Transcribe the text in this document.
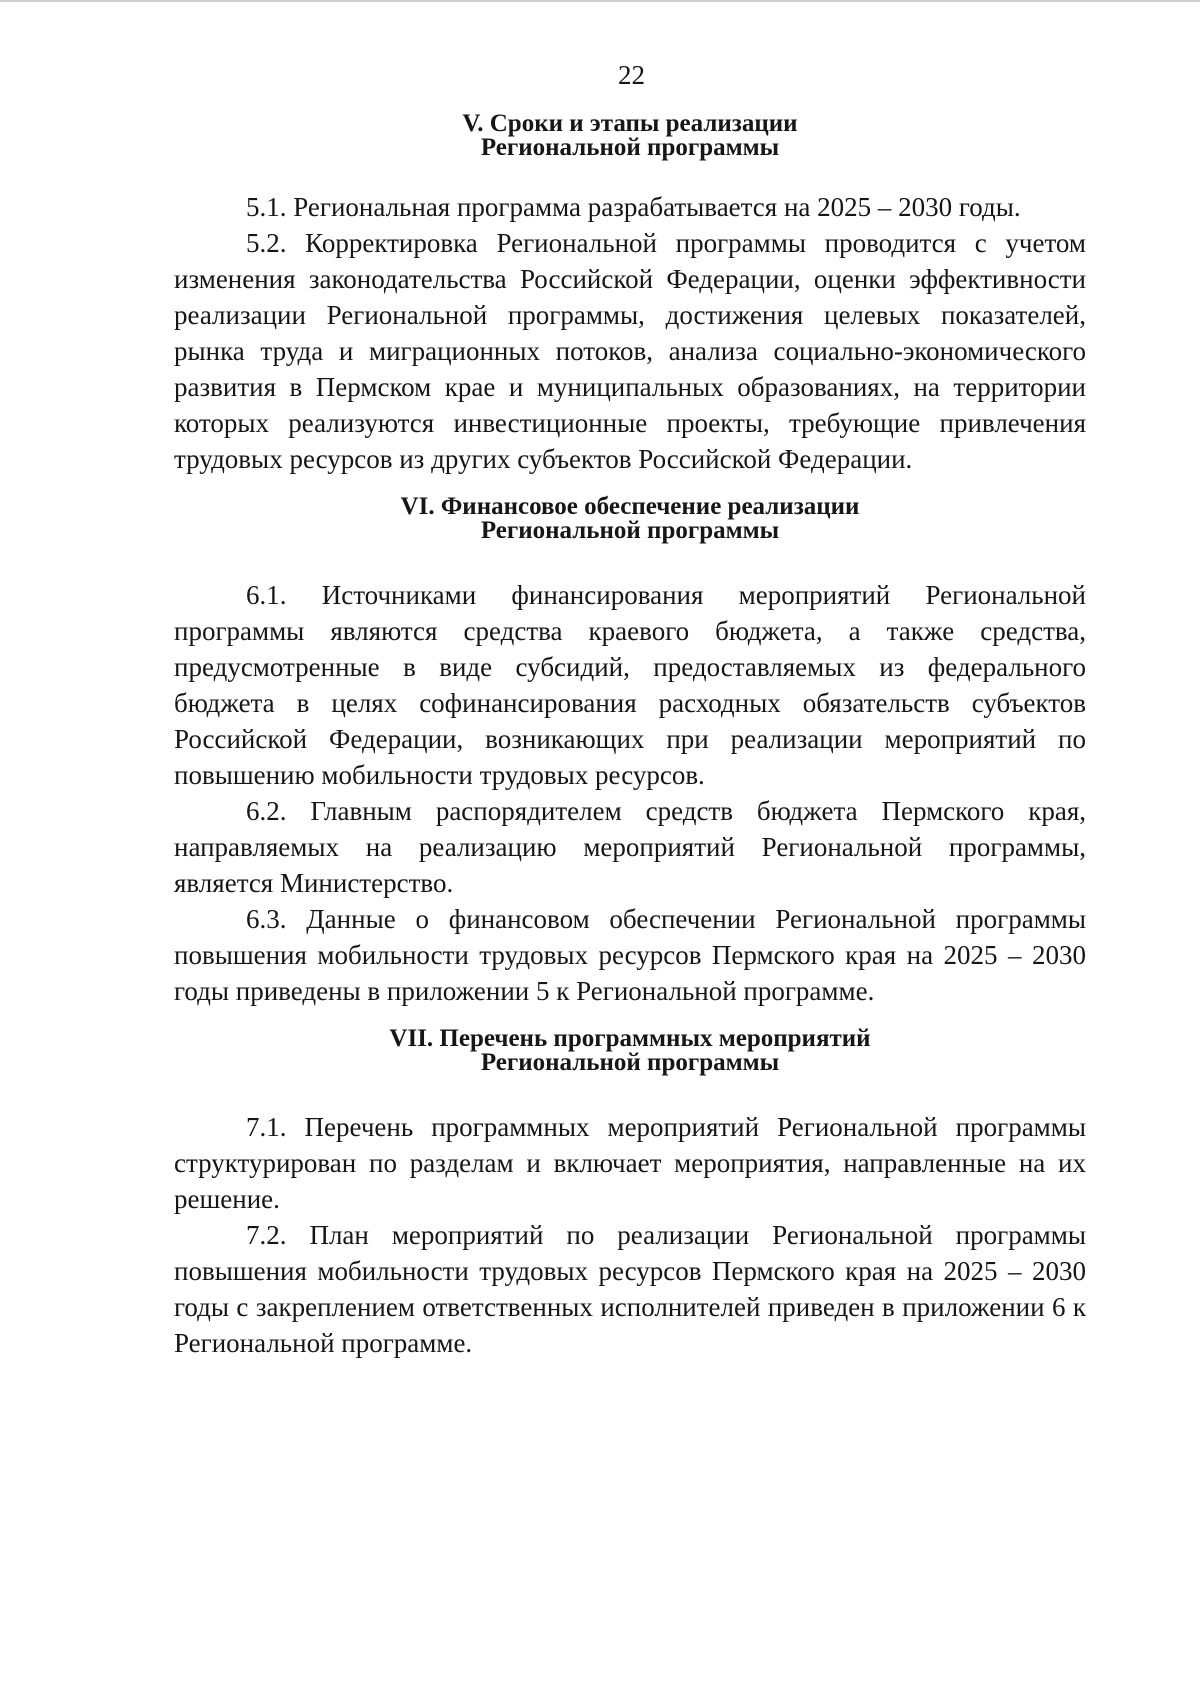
22
V. Сроки и этапы реализации
Региональной программы

5.1. Региональная программа разрабатывается на 2025 – 2030 годы.

5.2. Корректировка Региональной программы проводится с учетом изменения законодательства Российской Федерации, оценки эффективности реализации Региональной программы, достижения целевых показателей, рынка труда и миграционных потоков, анализа социально-экономического развития в Пермском крае и муниципальных образованиях, на территории которых реализуются инвестиционные проекты, требующие привлечения трудовых ресурсов из других субъектов Российской Федерации.

VI. Финансовое обеспечение реализации
Региональной программы

6.1. Источниками финансирования мероприятий Региональной программы являются средства краевого бюджета, а также средства, предусмотренные в виде субсидий, предоставляемых из федерального бюджета в целях софинансирования расходных обязательств субъектов Российской Федерации, возникающих при реализации мероприятий по повышению мобильности трудовых ресурсов.

6.2. Главным распорядителем средств бюджета Пермского края, направляемых на реализацию мероприятий Региональной программы, является Министерство.

6.3. Данные о финансовом обеспечении Региональной программы повышения мобильности трудовых ресурсов Пермского края на 2025 – 2030 годы приведены в приложении 5 к Региональной программе.

VII. Перечень программных мероприятий
Региональной программы

7.1. Перечень программных мероприятий Региональной программы структурирован по разделам и включает мероприятия, направленные на их решение.

7.2. План мероприятий по реализации Региональной программы повышения мобильности трудовых ресурсов Пермского края на 2025 – 2030 годы с закреплением ответственных исполнителей приведен в приложении 6 к Региональной программе.
